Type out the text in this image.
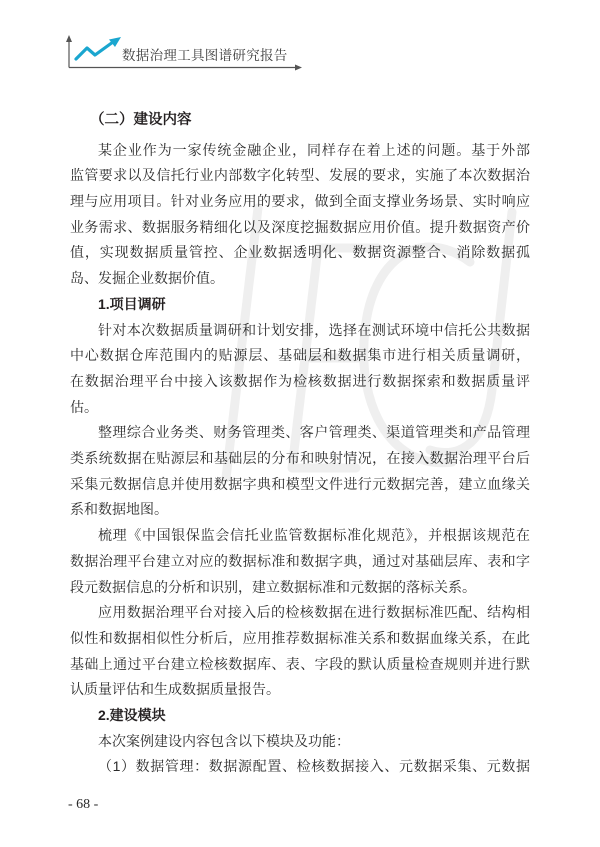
数据治理工具图谱研究报告
（二）建设内容
某企业作为一家传统金融企业，同样存在着上述的问题。基于外部
监管要求以及信托行业内部数字化转型、发展的要求，实施了本次数据治
理与应用项目。针对业务应用的要求，做到全面支撑业务场景、实时响应
业务需求、数据服务精细化以及深度挖掘数据应用价值。提升数据资产价
值，实现数据质量管控、企业数据透明化、数据资源整合、消除数据孤
岛、发掘企业数据价值。
1.项目调研
针对本次数据质量调研和计划安排，选择在测试环境中信托公共数据
中心数据仓库范围内的贴源层、基础层和数据集市进行相关质量调研，
在数据治理平台中接入该数据作为检核数据进行数据探索和数据质量评
估。
整理综合业务类、财务管理类、客户管理类、渠道管理类和产品管理
类系统数据在贴源层和基础层的分布和映射情况，在接入数据治理平台后
采集元数据信息并使用数据字典和模型文件进行元数据完善，建立血缘关
系和数据地图。
梳理《中国银保监会信托业监管数据标准化规范》，并根据该规范在
数据治理平台建立对应的数据标准和数据字典，通过对基础层库、表和字
段元数据信息的分析和识别，建立数据标准和元数据的落标关系。
应用数据治理平台对接入后的检核数据在进行数据标准匹配、结构相
似性和数据相似性分析后，应用推荐数据标准关系和数据血缘关系，在此
基础上通过平台建立检核数据库、表、字段的默认质量检查规则并进行默
认质量评估和生成数据质量报告。
2.建设模块
本次案例建设内容包含以下模块及功能：
（1）数据管理：数据源配置、检核数据接入、元数据采集、元数据
- 68 -
